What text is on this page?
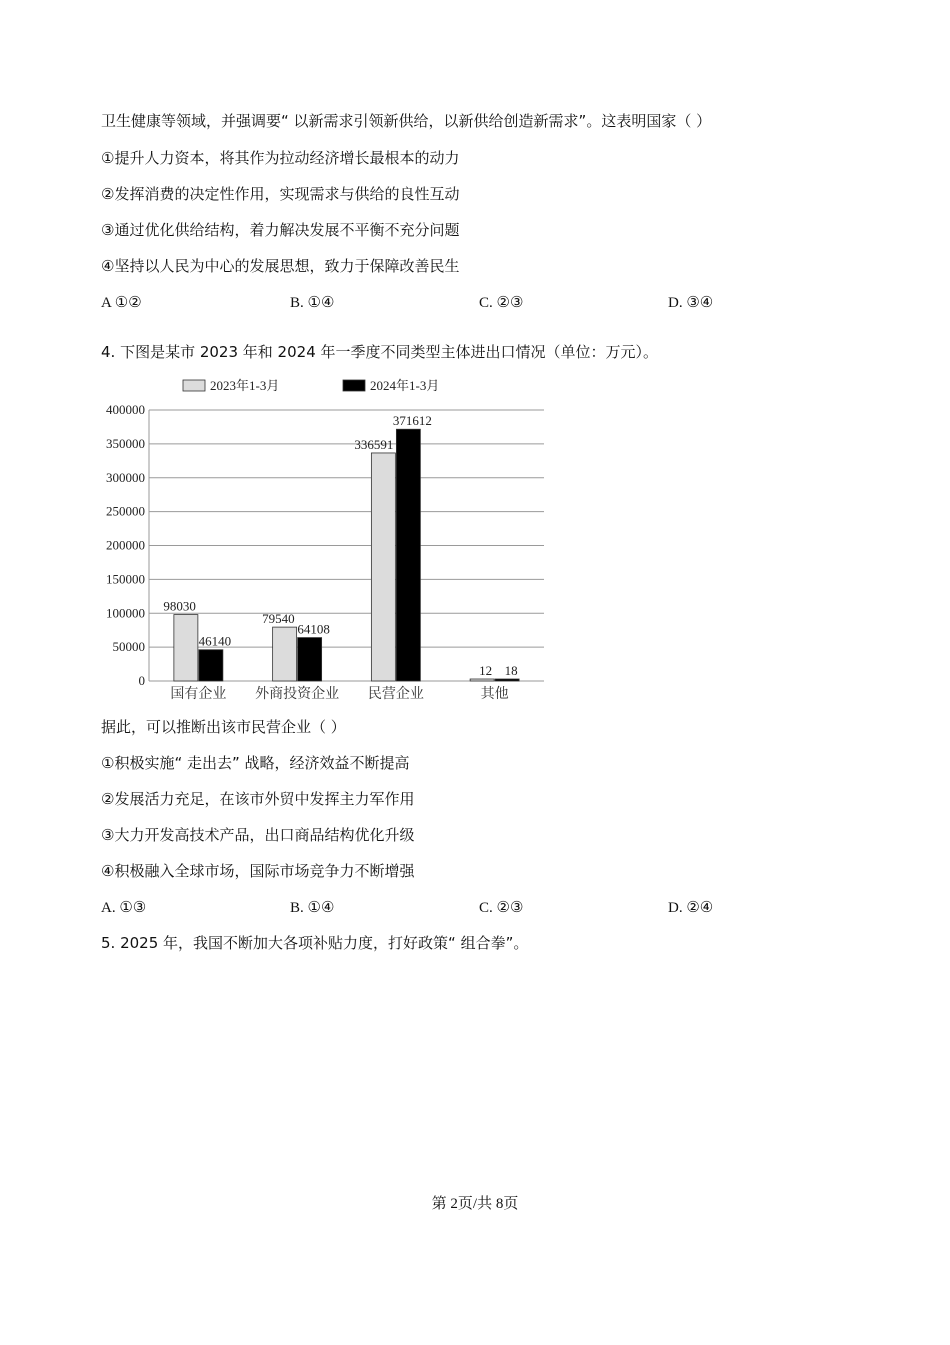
卫生健康等领域，并强调要“ 以新需求引领新供给，以新供给创造新需求”。这表明国家（ ）
①提升人力资本，将其作为拉动经济增长最根本的动力
②发挥消费的决定性作用，实现需求与供给的良性互动
③通过优化供给结构，着力解决发展不平衡不充分问题
④坚持以人民为中心的发展思想，致力于保障改善民生
A ①②	B. ①④	C. ②③	D. ③④
4. 下图是某市 2023 年和 2024 年一季度不同类型主体进出口情况（单位：万元）。
0
50000
100000
150000
200000
250000
300000
350000
400000
98030
46140
79540
64108
336591
371612
12 18
国有企业 外商投资企业 民营企业	其他
2023年1-3月	2024年1-3月
据此，可以推断出该市民营企业（ ）
①积极实施“ 走出去” 战略，经济效益不断提高
②发展活力充足，在该市外贸中发挥主力军作用
③大力开发高技术产品，出口商品结构优化升级
④积极融入全球市场，国际市场竞争力不断增强
A. ①③	B. ①④	C. ②③	D. ②④
5. 2025 年，我国不断加大各项补贴力度，打好政策“ 组合拳”。
第 2页/共 8页
